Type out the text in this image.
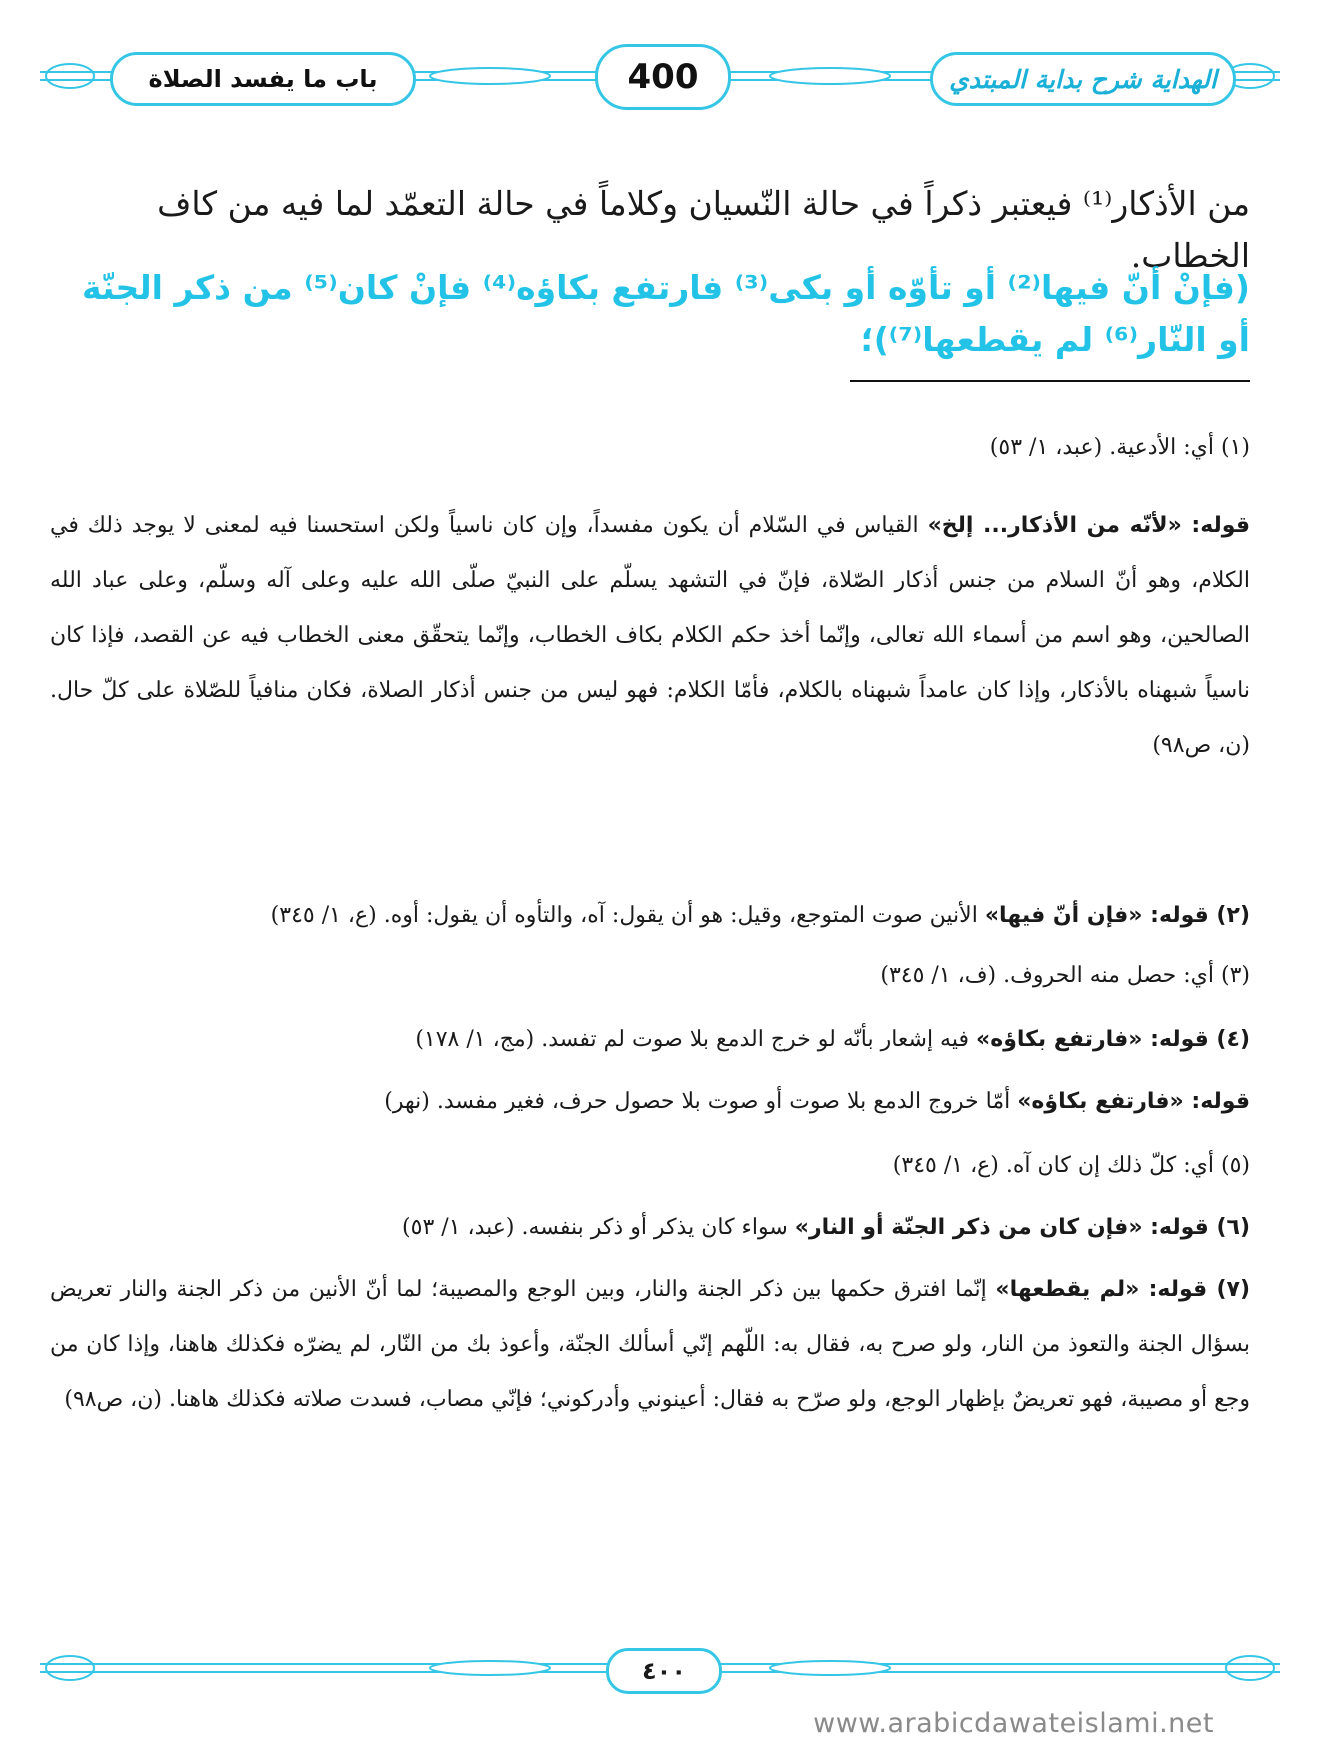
باب ما يفسد الصلاة	400	الهداية شرح بداية المبتدي
من الأذكار⁽¹⁾ فيعتبر ذكراً في حالة النّسيان وكلاماً في حالة التعمّد لما فيه من كاف الخطاب.
(فإنْ أنّ فيها⁽²⁾ أو تأوّه أو بكى⁽³⁾ فارتفع بكاؤه⁽⁴⁾ فإنْ كان⁽⁵⁾ من ذكر الجنّة أو النّار⁽⁶⁾ لم يقطعها⁽⁷⁾)؛
(١) أي: الأدعية. (عبد، ١/ ٥٣)
قوله: «لأنّه من الأذكار... إلخ» القياس في السّلام أن يكون مفسداً، وإن كان ناسياً ولكن استحسنا فيه لمعنى لا يوجد ذلك في الكلام، وهو أنّ السلام من جنس أذكار الصّلاة، فإنّ في التشهد يسلّم على النبيّ صلّى الله عليه وعلى آله وسلّم، وعلى عباد الله الصالحين، وهو اسم من أسماء الله تعالى، وإنّما أخذ حكم الكلام بكاف الخطاب، وإنّما يتحقّق معنى الخطاب فيه عن القصد، فإذا كان ناسياً شبهناه بالأذكار، وإذا كان عامداً شبهناه بالكلام، فأمّا الكلام: فهو ليس من جنس أذكار الصلاة، فكان منافياً للصّلاة على كلّ حال. (ن، ص٩٨)
(٢) قوله: «فإن أنّ فيها» الأنين صوت المتوجع، وقيل: هو أن يقول: آه، والتأوه أن يقول: أوه. (ع، ١/ ٣٤٥)
(٣) أي: حصل منه الحروف. (ف، ١/ ٣٤٥)
(٤) قوله: «فارتفع بكاؤه» فيه إشعار بأنّه لو خرج الدمع بلا صوت لم تفسد. (مج، ١/ ١٧٨)
قوله: «فارتفع بكاؤه» أمّا خروج الدمع بلا صوت أو صوت بلا حصول حرف، فغير مفسد. (نهر)
(٥) أي: كلّ ذلك إن كان آه. (ع، ١/ ٣٤٥)
(٦) قوله: «فإن كان من ذكر الجنّة أو النار» سواء كان يذكر أو ذكر بنفسه. (عبد، ١/ ٥٣)
(٧) قوله: «لم يقطعها» إنّما افترق حكمها بين ذكر الجنة والنار، وبين الوجع والمصيبة؛ لما أنّ الأنين من ذكر الجنة والنار تعريض بسؤال الجنة والتعوذ من النار، ولو صرح به، فقال به: اللّهم إنّي أسألك الجنّة، وأعوذ بك من النّار، لم يضرّه فكذلك هاهنا، وإذا كان من وجع أو مصيبة، فهو تعريضٌ بإظهار الوجع، ولو صرّح به فقال: أعينوني وأدركوني؛ فإنّي مصاب، فسدت صلاته فكذلك هاهنا. (ن، ص٩٨)
٤٠٠
www.arabicdawateislami.net
